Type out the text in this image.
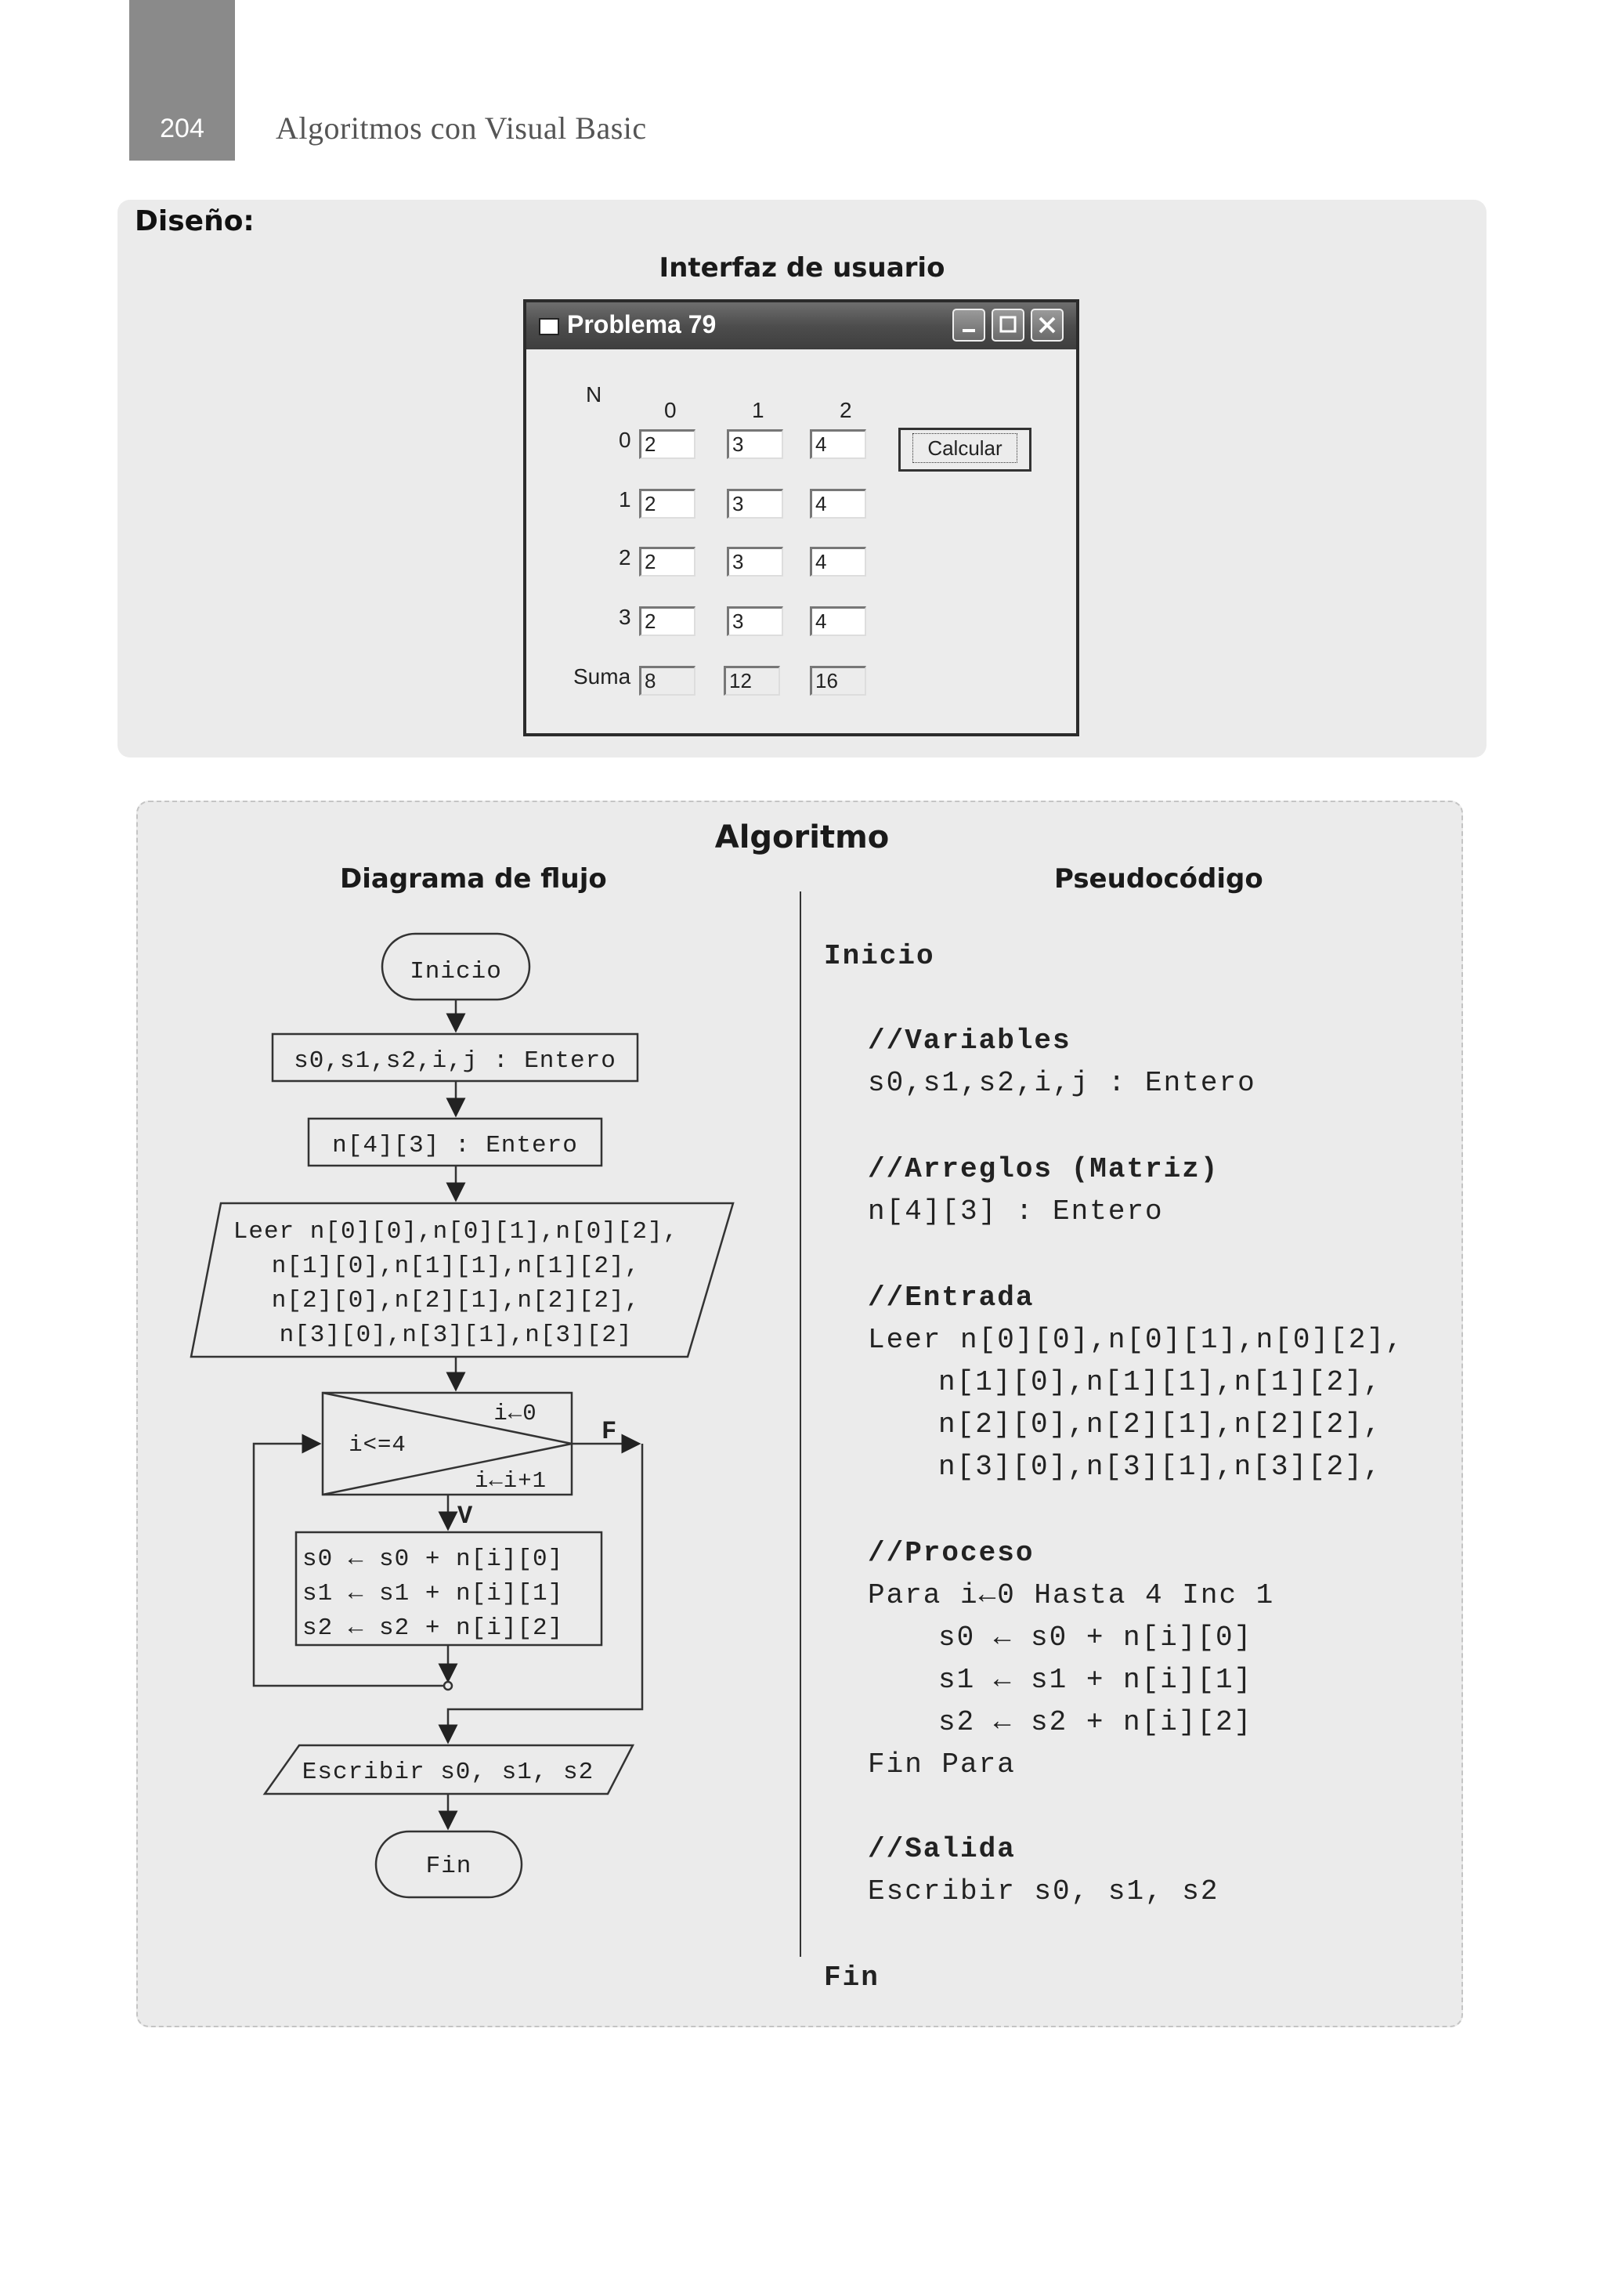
204	Algoritmos con Visual Basic
Diseño:
Interfaz de usuario
Problema 79
N
0	1	2
0 2	3	4
1 2	3	4
2 2	3	4
3 2	3	4
Suma 8	12	16
Calcular
Algoritmo
Diagrama de flujo	Pseudocódigo
Inicio
s0,s1,s2,i,j : Entero
n[4][3] : Entero
Leer n[0][0],n[0][1],n[0][2],
n[1][0],n[1][1],n[1][2],
n[2][0],n[2][1],n[2][2],
n[3][0],n[3][1],n[3][2]
i←0
i<=4
i←i+1
F
V
s0 ← s0 + n[i][0]
s1 ← s1 + n[i][1]
s2 ← s2 + n[i][2]
Escribir s0, s1, s2
Fin
Inicio
//Variables
s0,s1,s2,i,j : Entero
//Arreglos (Matriz)
n[4][3] : Entero
//Entrada
Leer n[0][0],n[0][1],n[0][2],
n[1][0],n[1][1],n[1][2],
n[2][0],n[2][1],n[2][2],
n[3][0],n[3][1],n[3][2],
//Proceso
Para i←0 Hasta 4 Inc 1
s0 ← s0 + n[i][0]
s1 ← s1 + n[i][1]
s2 ← s2 + n[i][2]
Fin Para
//Salida
Escribir s0, s1, s2
Fin
